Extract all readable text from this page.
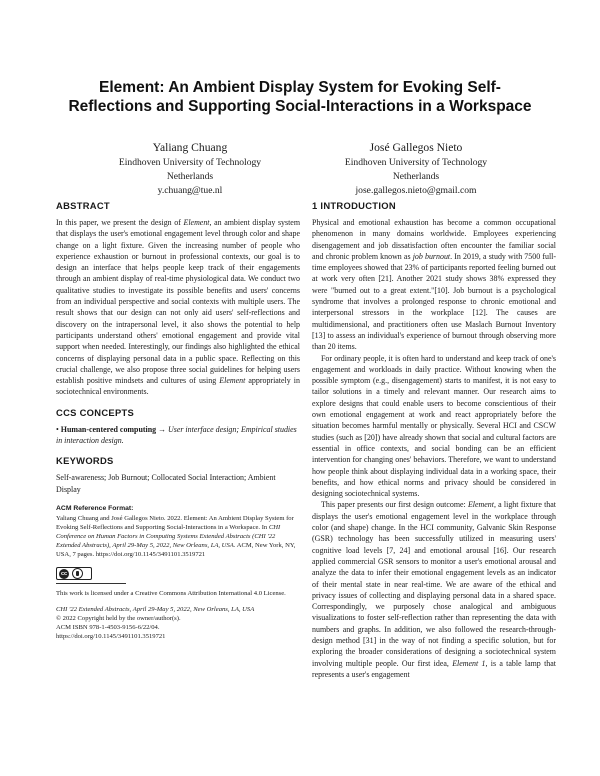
Element: An Ambient Display System for Evoking Self-Reflections and Supporting Social-Interactions in a Workspace
Yaliang Chuang
Eindhoven University of Technology
Netherlands
y.chuang@tue.nl
José Gallegos Nieto
Eindhoven University of Technology
Netherlands
jose.gallegos.nieto@gmail.com
ABSTRACT

In this paper, we present the design of Element, an ambient display system that displays the user's emotional engagement level through color and shape change on a light fixture. Given the increasing number of people who experience exhaustion or burnout in professional contexts, our goal is to design an interface that helps people keep track of their engagements through an ambient display of real-time physiological data. We conduct two qualitative studies to investigate its possible benefits and users' concerns from an individual perspective and social contexts with multiple users. The result shows that our design can not only aid users' self-reflections and discovery on the intrapersonal level, it also shows the potential to help participants understand others' emotional engagement and provide vital support when needed. Interestingly, our findings also highlighted the ethical concerns of displaying personal data in a public space. Reflecting on this crucial challenge, we also propose three social guidelines for helping users establish positive mindsets and cultures of using Element appropriately in sociotechnical environments.

CCS CONCEPTS

• Human-centered computing → User interface design; Empirical studies in interaction design.

KEYWORDS

Self-awareness; Job Burnout; Collocated Social Interaction; Ambient Display

ACM Reference Format:

Yaliang Chuang and José Gallegos Nieto. 2022. Element: An Ambient Display System for Evoking Self-Reflections and Supporting Social-Interactions in a Workspace. In CHI Conference on Human Factors in Computing Systems Extended Abstracts (CHI '22 Extended Abstracts), April 29-May 5, 2022, New Orleans, LA, USA. ACM, New York, NY, USA, 7 pages. https://doi.org/10.1145/3491101.3519721

cc

This work is licensed under a Creative Commons Attribution International 4.0 License.

CHI '22 Extended Abstracts, April 29-May 5, 2022, New Orleans, LA, USA

© 2022 Copyright held by the owner/author(s).

ACM ISBN 978-1-4503-9156-6/22/04.

https://doi.org/10.1145/3491101.3519721

1 INTRODUCTION

Physical and emotional exhaustion has become a common occupational phenomenon in many domains worldwide. Employees experiencing disengagement and job dissatisfaction often encounter the familiar social and chronic problem known as job burnout. In 2019, a study with 7500 full-time employees showed that 23% of participants reported feeling burned out at work very often [21]. Another 2021 study shows 38% expressed they were "burned out to a great extent."[10]. Job burnout is a psychological syndrome that involves a prolonged response to chronic emotional and interpersonal stressors in the workplace [12]. The causes are multidimensional, and practitioners often use Maslach Burnout Inventory [13] to assess an individual's experience of burnout through observing more than 20 items.

For ordinary people, it is often hard to understand and keep track of one's engagement and workloads in daily practice. Without knowing when the possible symptom (e.g., disengagement) starts to manifest, it is not easy to tailor solutions in a timely and relevant manner. Our research aims to explore designs that could enable users to become conscientious of their own emotional engagement at work and react appropriately before the situation becomes harmful mentally or physically. Several HCI and CSCW studies (such as [20]) have already shown that social and cultural factors are essential in office contexts, and social bonding can be an efficient intervention for changing ones' behaviors. Therefore, we want to understand how people think about displaying individual data in a working space, their benefits, and how ethical norms and privacy should be considered in designing sociotechnical systems.

This paper presents our first design outcome: Element, a light fixture that displays the user's emotional engagement level in the workplace through color (and shape) change. In the HCI community, Galvanic Skin Response (GSR) technology has been successfully utilized in measuring users' cognitive load levels [7, 24] and emotional arousal [16]. Our research applied commercial GSR sensors to monitor a user's emotional arousal and analyze the data to infer their emotional engagement levels as an indicator of their mental state in near real-time. We are aware of the ethical and privacy issues of collecting and displaying personal data in a shared space. Correspondingly, we purposely chose analogical and ambiguous visualizations to foster self-reflection rather than representing the data with numbers and graphs. In addition, we also followed the research-through-design method [31] in the way of not finding a specific solution, but for exploring the broader considerations of designing a sociotechnical system involving multiple people. Our first idea, Element 1, is a table lamp that represents a user's engagement
